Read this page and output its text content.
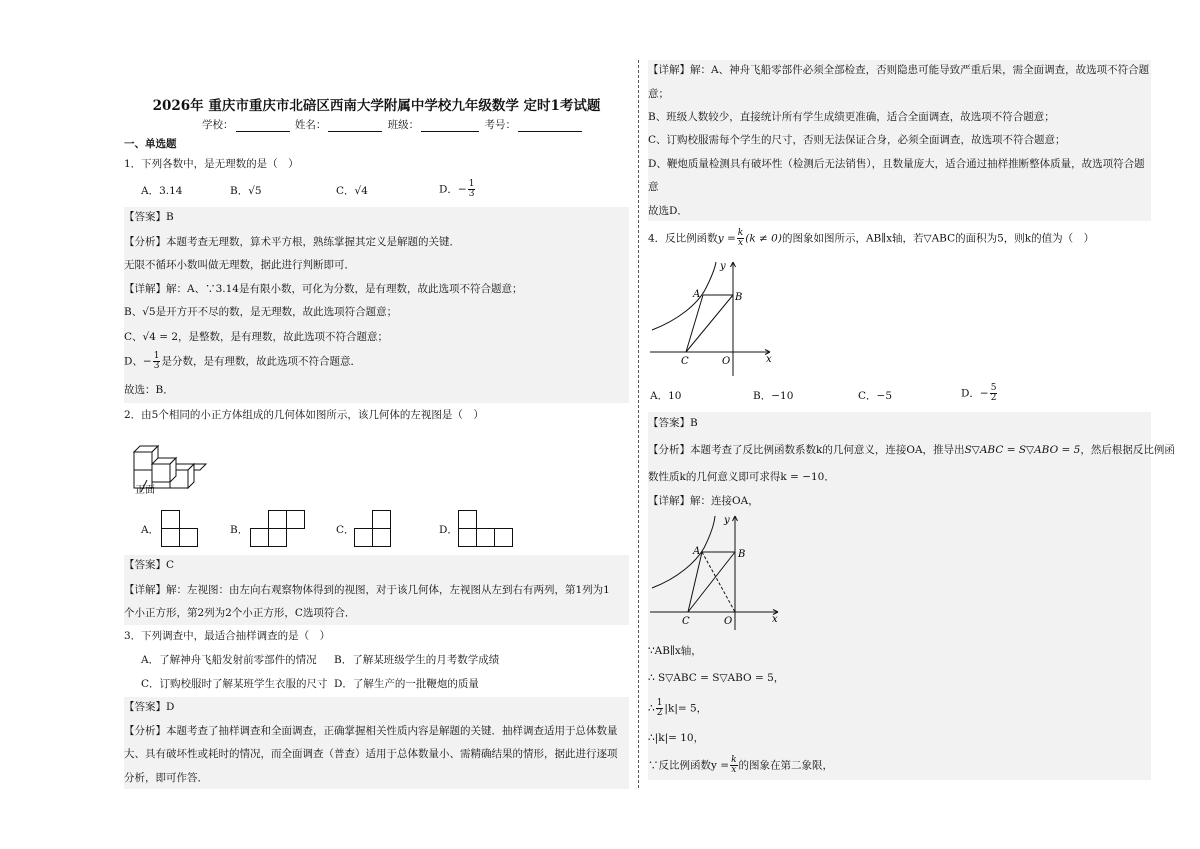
2026年 重庆市重庆市北碚区西南大学附属中学校九年级数学 定时1考试题
学校：	姓名：	班级：	考号：
一、单选题
1．下列各数中，是无理数的是（　）
A．3.14	B．√5	C．√4	D．− $\frac{1}{3}$
【答案】B
【分析】本题考查无理数，算术平方根，熟练掌握其定义是解题的关键．
无限不循环小数叫做无理数，据此进行判断即可．
【详解】解：A、∵3.14是有限小数，可化为分数，是有理数，故此选项不符合题意；
B、√5是开方开不尽的数，是无理数，故此选项符合题意；
C、√4 = 2，是整数，是有理数，故此选项不符合题意；
D、− $\frac{1}{3}$ 是分数，是有理数，故此选项不符合题意．
故选：B．
2．由5个相同的小正方体组成的几何体如图所示，该几何体的左视图是（　）
正面
A．	B．	C．	D．
【答案】C
【详解】解：左视图：由左向右观察物体得到的视图，对于该几何体，左视图从左到右有两列，第1列为1
个小正方形，第2列为2个小正方形，C选项符合．
3．下列调查中，最适合抽样调查的是（　）
A．了解神舟飞船发射前零部件的情况 B．了解某班级学生的月考数学成绩
C．订购校服时了解某班学生衣服的尺寸 D．了解生产的一批鞭炮的质量
【答案】D
【分析】本题考查了抽样调查和全面调查，正确掌握相关性质内容是解题的关键．抽样调查适用于总体数量
大、具有破坏性或耗时的情况，而全面调查（普查）适用于总体数量小、需精确结果的情形，据此进行逐项
分析，即可作答．
【详解】解：A、神舟飞船零部件必须全部检查，否则隐患可能导致严重后果，需全面调查，故选项不符合题
意；
B、班级人数较少，直接统计所有学生成绩更准确，适合全面调查，故选项不符合题意；
C、订购校服需每个学生的尺寸，否则无法保证合身，必须全面调查，故选项不符合题意；
D、鞭炮质量检测具有破坏性（检测后无法销售），且数量庞大，适合通过抽样推断整体质量，故选项符合题
意
故选D．
4．反比例函数$y = \frac{k}{x} (k \ne 0)$的图象如图所示，AB∥x轴，若▽ABC的面积为5，则k的值为（　）
y
x
A	B
C	O
A．10	B．−10	C．−5	D．− $\frac{5}{2}$
【答案】B
【分析】本题考查了反比例函数系数k的几何意义，连接OA，推导出S▽ABC = S▽ABO = 5，然后根据反比例函
数性质k的几何意义即可求得k = −10．
【详解】解：连接OA，
y
x
A	B
C	O
∵AB∥x轴，
∴ S▽ABC = S▽ABO = 5，
∴ $\frac{1}{2} |k|= 5$，
∴|k|= 10，
∵反比例函数$y = \frac{k}{x}$ 的图象在第二象限，
